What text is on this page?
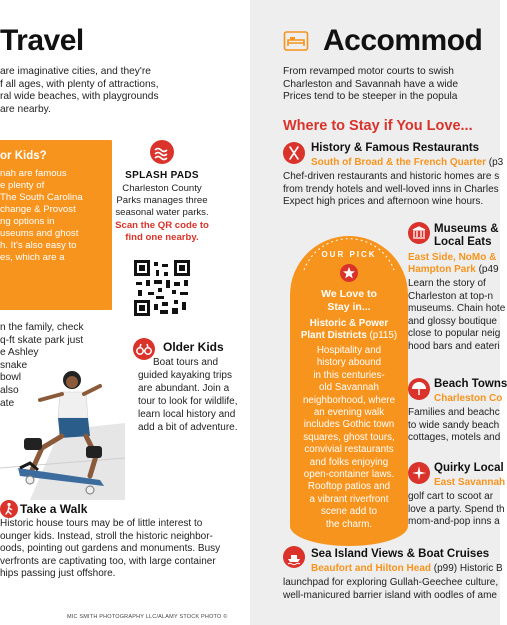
Travel
are imaginative cities, and they're
f all ages, with plenty of attractions,
ral wide beaches, with playgrounds
are nearby.
or Kids?
nah are famous
e plenty of
The South Carolina
change & Provost
ng options in
useums and ghost
h. It's also easy to
es, which are a
SPLASH PADS
Charleston County
Parks manages three
seasonal water parks.
Scan the QR code to
find one nearby.
n the family, check
q-ft skate park just
e Ashley
snake
bowl
also
ate
Older Kids
Boat tours and
guided kayaking trips
are abundant. Join a
tour to look for wildlife,
learn local history and
add a bit of adventure.
Take a Walk
Historic house tours may be of little interest to
ounger kids. Instead, stroll the historic neighbor-
oods, pointing out gardens and monuments. Busy
verfronts are captivating too, with large container
hips passing just offshore.
MIC SMITH PHOTOGRAPHY LLC/ALAMY STOCK PHOTO ©
Accommod
From revamped motor courts to swish
Charleston and Savannah have a wide
Prices tend to be steeper in the popula
Where to Stay if You Love...
History & Famous Restaurants
South of Broad & the French Quarter (p3
Chef-driven restaurants and historic homes are s
from trendy hotels and well-loved inns in Charles
Expect high prices and afternoon wine hours.
OUR PICK
We Love to
Stay in...
Historic & Power
Plant Districts (p115)
Hospitality and
history abound
in this centuries-
old Savannah
neighborhood, where
an evening walk
includes Gothic town
squares, ghost tours,
convivial restaurants
and folks enjoying
open-container laws.
Rooftop patios and
a vibrant riverfront
scene add to
the charm.
Museums &
Local Eats
East Side, NoMo &
Hampton Park (p49
Learn the story of
Charleston at top-n
museums. Chain hote
and glossy boutique
close to popular neig
hood bars and eateri
Beach Towns
Charleston Co
Families and beachc
to wide sandy beach
cottages, motels and
Quirky Local
East Savannah
golf cart to scoot ar
love a party. Spend th
mom-and-pop inns a
Sea Island Views & Boat Cruises
Beaufort and Hilton Head (p99) Historic B
launchpad for exploring Gullah-Geechee culture,
well-manicured barrier island with oodles of ame
